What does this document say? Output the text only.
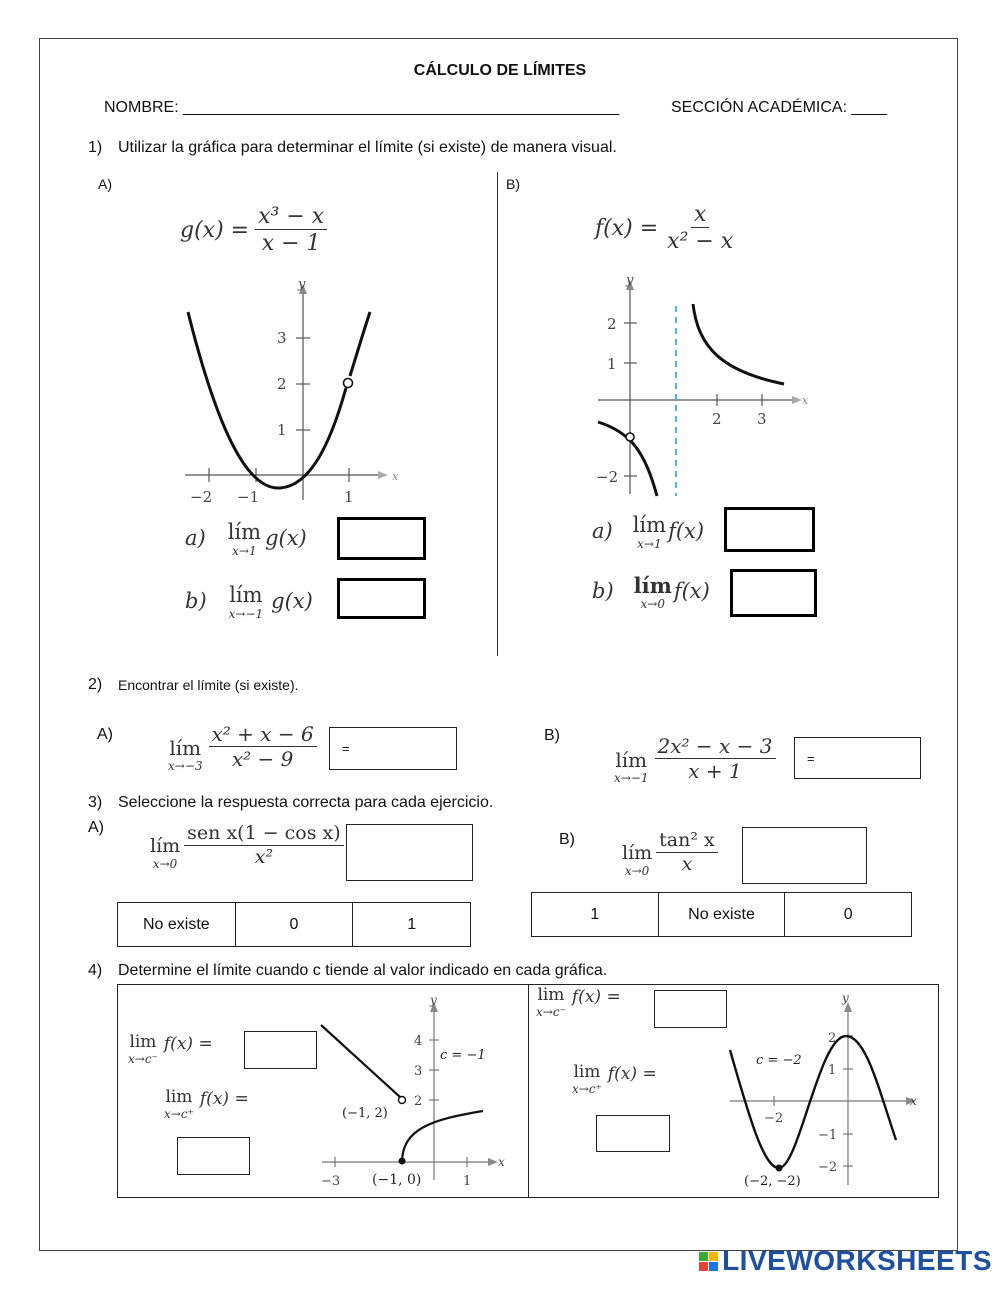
CÁLCULO DE LÍMITES
NOMBRE: _________________________________________________	SECCIÓN ACADÉMICA: ____
1) Utilizar la gráfica para determinar el límite (si existe) de manera visual.
A)	B)
$g(x) = \frac{\text{x³ − x}}{x - 1}$
y
x
3
2
1
−2 −1	1
a) lím
x→1
g(x)
b) lím
x→−1
g(x)
$f(x) = \frac{x}{\text{x² − x}}$
y
x
2
1
−2
2 3
a) lím
x→1
f(x)
b) lím
x→0
f(x)
2) Encontrar el límite (si existe).
A)
lím
$x\to-3 \frac{\text{x² + x − 6}}{\text{x² − 9}}$ =
B)
lím
$x\to-1 \frac{\text{2x² − x − 3}}{x + 1}$ =
3) Seleccione la respuesta correcta para cada ejercicio.
A)
lím
$x\to 0 \frac{\text{sen x(1 − cos x)}}{\text{x²}}$
No existe	0	1
B)
lím
$x\to 0 \frac{\text{tan² x}}{x}$
1	No existe	0
4) Determine el límite cuando c tiende al valor indicado en cada gráfica.
lim
x→c⁻
f(x) =
lim
x→c⁺
f(x) =
y
x
4
3
2
−3	1
c = −1
(−1, 2)
(−1, 0)
lim
x→c⁻
f(x) =
lim
x→c⁺
f(x) =
y
x
2
1
−1
−2
−2
c = −2
(−2, −2)
LIVEWORKSHEETS
